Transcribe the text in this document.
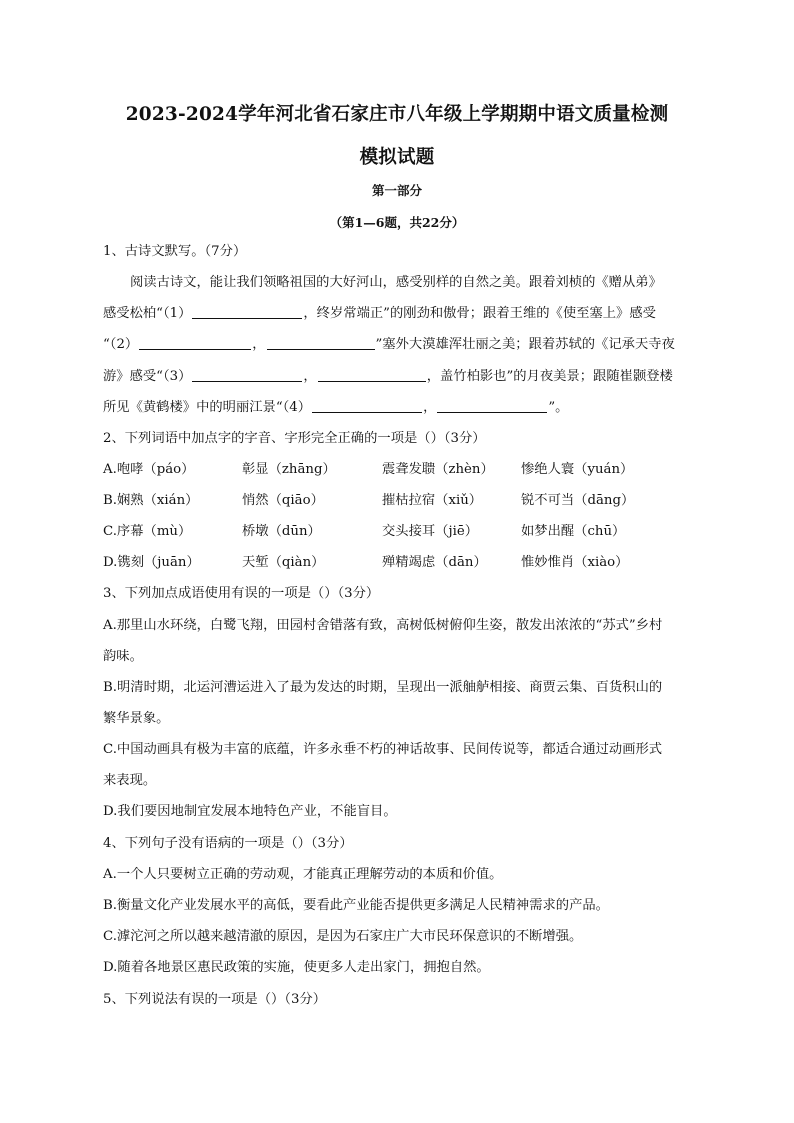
2023-2024学年河北省石家庄市八年级上学期期中语文质量检测
模拟试题
第一部分
（第1—6题，共22分）
1、古诗文默写。（7分）
阅读古诗文，能让我们领略祖国的大好河山，感受别样的自然之美。跟着刘桢的《赠从弟》
感受松柏“（1）	，终岁常端正”的刚劲和傲骨；跟着王维的《使至塞上》感受
“（2）	，	”塞外大漠雄浑壮丽之美；跟着苏轼的《记承天寺夜
游》感受“（3）	，	，盖竹柏影也”的月夜美景；跟随崔颢登楼
所见《黄鹤楼》中的明丽江景“（4）	，	”。
2、下列词语中加点字的字音、字形完全正确的一项是（）（3分）
A.咆哮（páo）	彰显（zhāng）	震聋发聩（zhèn） 惨绝人寰（yuán）
B.娴熟（xián）	悄然（qiāo）	摧枯拉宿（xiǔ）	锐不可当（dāng）
C.序幕（mù）	桥墩（dūn）	交头接耳（jiē）	如梦出醒（chū）
D.镌刻（juān）	天堑（qiàn）	殚精竭虑（dān）	惟妙惟肖（xiào）
3、下列加点成语使用有误的一项是（）（3分）
A.那里山水环绕，白鹭飞翔，田园村舍错落有致，高树低树俯仰生姿，散发出浓浓的“苏式”乡村
韵味。
B.明清时期，北运河漕运进入了最为发达的时期，呈现出一派舳舻相接、商贾云集、百货积山的
繁华景象。
C.中国动画具有极为丰富的底蕴，许多永垂不朽的神话故事、民间传说等，都适合通过动画形式
来表现。
D.我们要因地制宜发展本地特色产业，不能盲目。
4、下列句子没有语病的一项是（）（3分）
A.一个人只要树立正确的劳动观，才能真正理解劳动的本质和价值。
B.衡量文化产业发展水平的高低，要看此产业能否提供更多满足人民精神需求的产品。
C.滹沱河之所以越来越清澈的原因，是因为石家庄广大市民环保意识的不断增强。
D.随着各地景区惠民政策的实施，使更多人走出家门，拥抱自然。
5、下列说法有误的一项是（）（3分）
